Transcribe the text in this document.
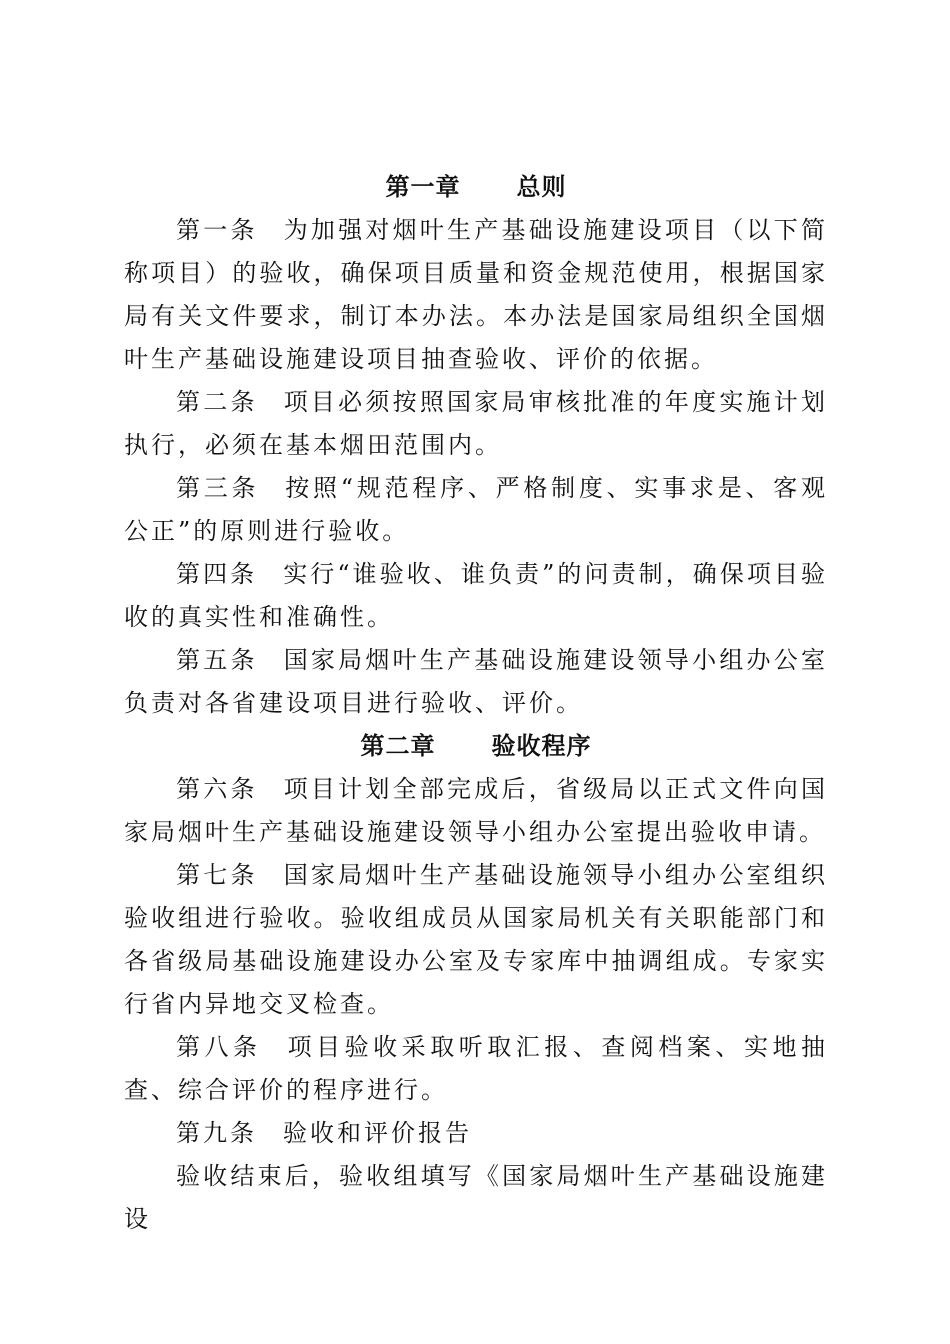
第一章 总则

第一条 为加强对烟叶生产基础设施建设项目（以下简称项目）的验收，确保项目质量和资金规范使用，根据国家局有关文件要求，制订本办法。本办法是国家局组织全国烟叶生产基础设施建设项目抽查验收、评价的依据。

第二条 项目必须按照国家局审核批准的年度实施计划执行，必须在基本烟田范围内。

第三条 按照“规范程序、严格制度、实事求是、客观公正”的原则进行验收。

第四条 实行“谁验收、谁负责”的问责制，确保项目验收的真实性和准确性。

第五条 国家局烟叶生产基础设施建设领导小组办公室负责对各省建设项目进行验收、评价。

第二章 验收程序

第六条 项目计划全部完成后，省级局以正式文件向国家局烟叶生产基础设施建设领导小组办公室提出验收申请。

第七条 国家局烟叶生产基础设施领导小组办公室组织验收组进行验收。验收组成员从国家局机关有关职能部门和各省级局基础设施建设办公室及专家库中抽调组成。专家实行省内异地交叉检查。

第八条 项目验收采取听取汇报、查阅档案、实地抽查、综合评价的程序进行。

第九条 验收和评价报告

验收结束后，验收组填写《国家局烟叶生产基础设施建设
